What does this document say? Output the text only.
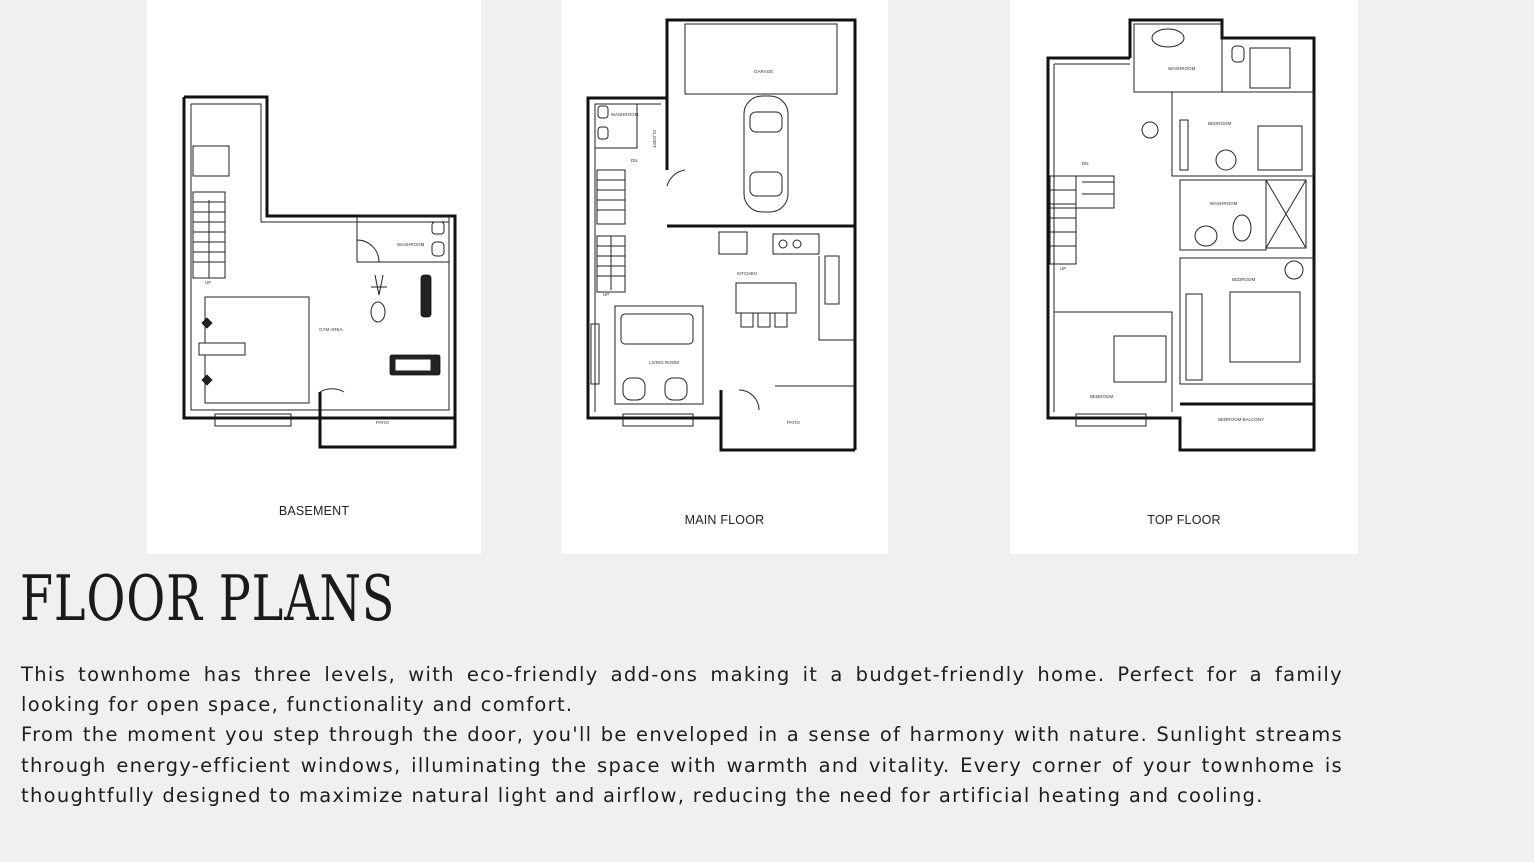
UP
WASHROOM
GYM AREA
PATIO
BASEMENT
GARAGE
WASHROOM
CLOSET
DN
UP
KITCHEN
LIVING ROOM
PATIO
MAIN FLOOR
WASHROOM
BEDROOM
WASHROOM
DN
UP
BEDROOM
BEDROOM
BEDROOM BALCONY
TOP FLOOR
FLOOR PLANS

This townhome has three levels, with eco-friendly add-ons making it a budget-friendly home. Perfect for a family looking for open space, functionality and comfort.

From the moment you step through the door, you'll be enveloped in a sense of harmony with nature. Sunlight streams through energy-efficient windows, illuminating the space with warmth and vitality. Every corner of your townhome is thoughtfully designed to maximize natural light and airflow, reducing the need for artificial heating and cooling.
